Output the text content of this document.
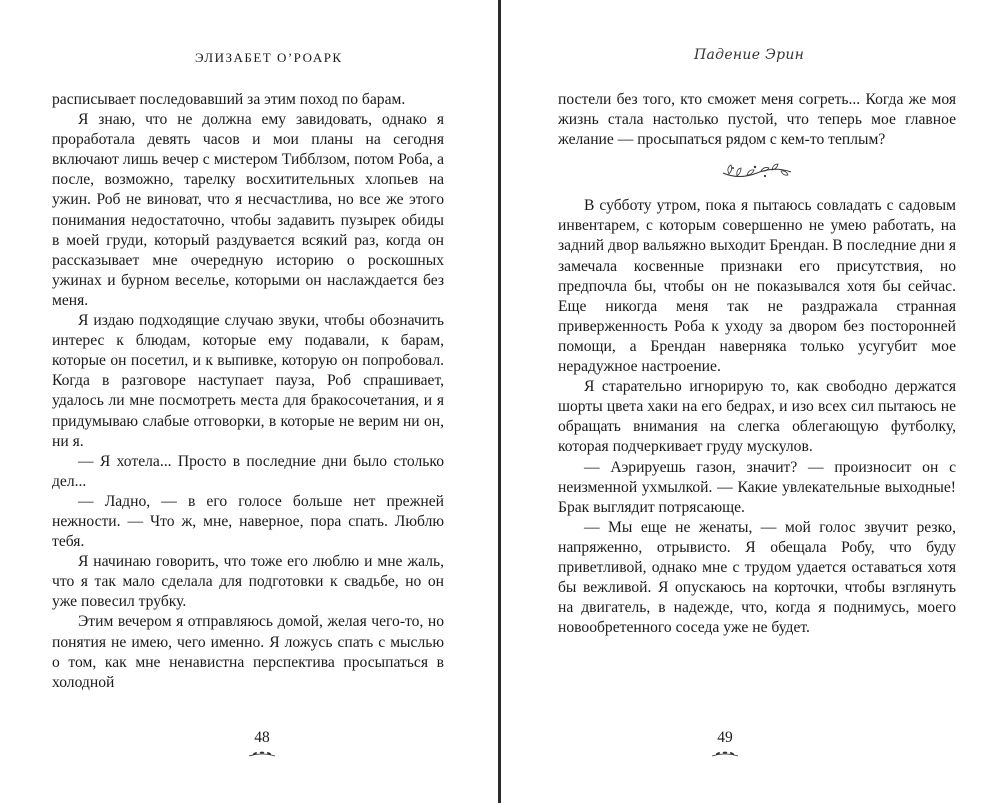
ЭЛИЗАБЕТ О’РОАРК

расписывает последовавший за этим поход по барам.

Я знаю, что не должна ему завидовать, однако я проработала девять часов и мои планы на сегодня включают лишь вечер с мистером Тибблзом, потом Роба, а после, возможно, тарелку восхитительных хлопьев на ужин. Роб не виноват, что я несчастлива, но все же этого понимания недостаточно, чтобы задавить пузырек обиды в моей груди, который раздувается всякий раз, когда он рассказывает мне очередную историю о роскошных ужинах и бурном веселье, которыми он наслаждается без меня.

Я издаю подходящие случаю звуки, чтобы обозначить интерес к блюдам, которые ему подавали, к барам, которые он посетил, и к выпивке, которую он попробовал. Когда в разговоре наступает пауза, Роб спрашивает, удалось ли мне посмотреть места для бракосочетания, и я придумываю слабые отговорки, в которые не верим ни он, ни я.

— Я хотела... Просто в последние дни было столько дел...

— Ладно, — в его голосе больше нет прежней нежности. — Что ж, мне, наверное, пора спать. Люблю тебя.

Я начинаю говорить, что тоже его люблю и мне жаль, что я так мало сделала для подготовки к свадьбе, но он уже повесил трубку.

Этим вечером я отправляюсь домой, желая чего-то, но понятия не имею, чего именно. Я ложусь спать с мыслью о том, как мне ненавистна перспектива просыпаться в холодной

48
Падение Эрин

постели без того, кто сможет меня согреть... Когда же моя жизнь стала настолько пустой, что теперь мое главное желание — просыпаться рядом с кем-то теплым?

В субботу утром, пока я пытаюсь совладать с садовым инвентарем, с которым совершенно не умею работать, на задний двор вальяжно выходит Брендан. В последние дни я замечала косвенные признаки его присутствия, но предпочла бы, чтобы он не показывался хотя бы сейчас. Еще никогда меня так не раздражала странная приверженность Роба к уходу за двором без посторонней помощи, а Брендан наверняка только усугубит мое нерадужное настроение.

Я старательно игнорирую то, как свободно держатся шорты цвета хаки на его бедрах, и изо всех сил пытаюсь не обращать внимания на слегка облегающую футболку, которая подчеркивает груду мускулов.

— Аэрируешь газон, значит? — произносит он с неизменной ухмылкой. — Какие увлекательные выходные! Брак выглядит потрясающе.

— Мы еще не женаты, — мой голос звучит резко, напряженно, отрывисто. Я обещала Робу, что буду приветливой, однако мне с трудом удается оставаться хотя бы вежливой. Я опускаюсь на корточки, чтобы взглянуть на двигатель, в надежде, что, когда я поднимусь, моего новообретенного соседа уже не будет.

49
